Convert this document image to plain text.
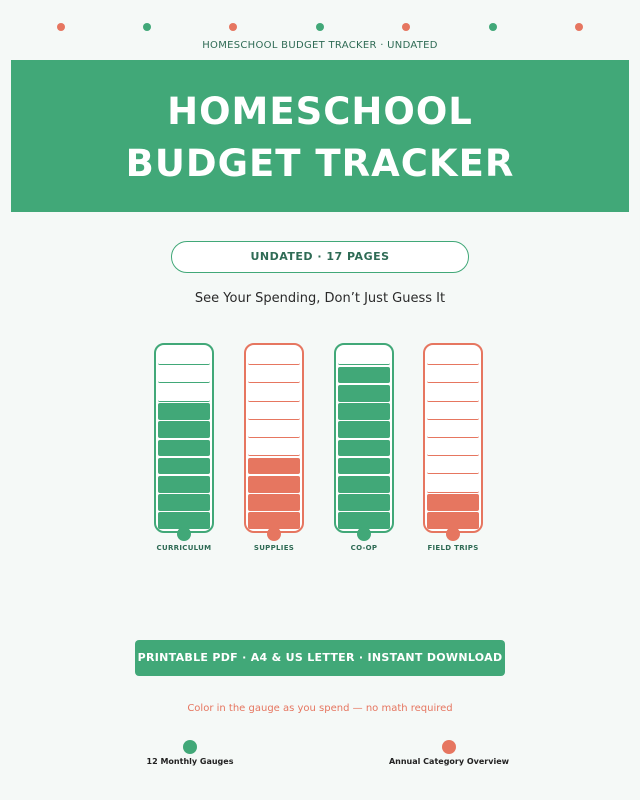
HOMESCHOOL BUDGET TRACKER · UNDATED
HOMESCHOOL
BUDGET TRACKER
UNDATED · 17 PAGES
See Your Spending, Don’t Just Guess It
CURRICULUM	SUPPLIES	CO-OP	FIELD TRIPS
PRINTABLE PDF · A4 & US LETTER · INSTANT DOWNLOAD
Color in the gauge as you spend — no math required
12 Monthly Gauges	Annual Category Overview
